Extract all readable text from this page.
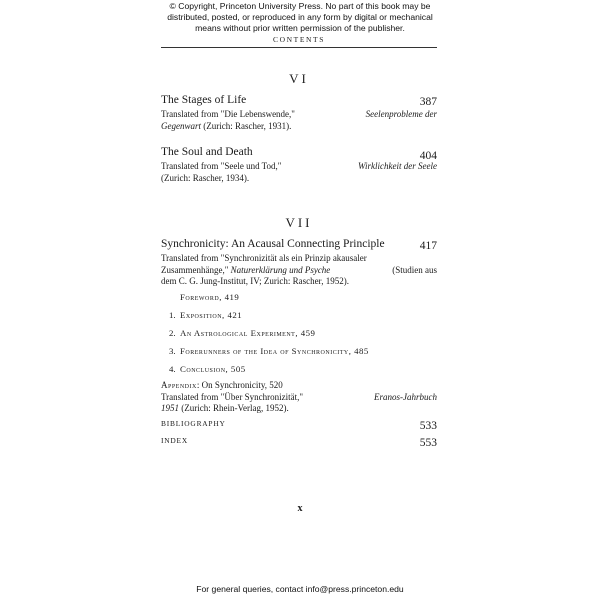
© Copyright, Princeton University Press. No part of this book may be
distributed, posted, or reproduced in any form by digital or mechanical
means without prior written permission of the publisher.
CONTENTS
VI
The Stages of Life	387
Translated from "Die Lebenswende,"	Seelenprobleme der
Gegenwart (Zurich: Rascher, 1931).
The Soul and Death	404
Translated from "Seele und Tod,"	Wirklichkeit der Seele
(Zurich: Rascher, 1934).
VII
Synchronicity: An Acausal Connecting Principle	417
Translated from "Synchronizität als ein Prinzip akausaler
Zusammenhänge," Naturerklärung und Psyche	(Studien aus
dem C. G. Jung-Institut, IV; Zurich: Rascher, 1952).
Foreword, 419
1. Exposition, 421
2. An Astrological Experiment, 459
3. Forerunners of the Idea of Synchronicity, 485
4. Conclusion, 505
Appendix: On Synchronicity, 520
Translated from "Über Synchronizität,"	Eranos-Jahrbuch
1951 (Zurich: Rhein-Verlag, 1952).
BIBLIOGRAPHY	533
INDEX	553
x
For general queries, contact info@press.princeton.edu
